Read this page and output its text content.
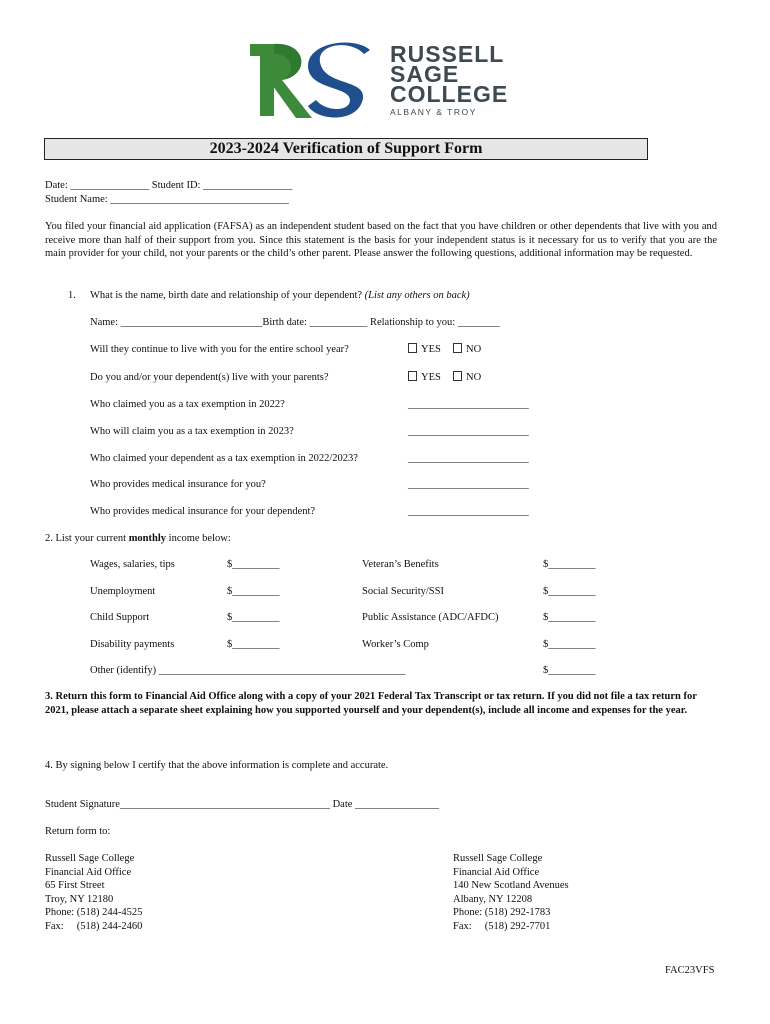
RUSSELL
SAGE
COLLEGE
ALBANY & TROY
2023-2024 Verification of Support Form
Date: _______________ Student ID: _________________
Student Name: __________________________________
You filed your financial aid application (FAFSA) as an independent student based on the fact that you have children or other dependents that live with you and receive more than half of their support from you. Since this statement is the basis for your independent status is it necessary for us to verify that you are the main provider for your child, not your parents or the child’s other parent. Please answer the following questions, additional information may be requested.
1. What is the name, birth date and relationship of your dependent? (List any others on back)
Name: ___________________________Birth date: ___________ Relationship to you: ________
Will they continue to live with you for the entire school year?	YES	NO
Do you and/or your dependent(s) live with your parents?	YES	NO
Who claimed you as a tax exemption in 2022?	_______________________
Who will claim you as a tax exemption in 2023?	_______________________
Who claimed your dependent as a tax exemption in 2022/2023?	_______________________
Who provides medical insurance for you?	_______________________
Who provides medical insurance for your dependent?	_______________________
2. List your current monthly income below:
Wages, salaries, tips	$_________	Veteran’s Benefits	$_________
Unemployment	$_________	Social Security/SSI	$_________
Child Support	$_________	Public Assistance (ADC/AFDC)	$_________
Disability payments	$_________	Worker’s Comp	$_________
Other (identify) _______________________________________________	$_________
3. Return this form to Financial Aid Office along with a copy of your 2021 Federal Tax Transcript or tax return. If you did not file a tax return for 2021, please attach a separate sheet explaining how you supported yourself and your dependent(s), include all income and expenses for the year.
4. By signing below I certify that the above information is complete and accurate.
Student Signature________________________________________ Date ________________
Return form to:
Russell Sage College
Financial Aid Office
65 First Street
Troy, NY 12180
Phone: (518) 244-4525
Fax:     (518) 244-2460
Russell Sage College
Financial Aid Office
140 New Scotland Avenues
Albany, NY 12208
Phone: (518) 292-1783
Fax:     (518) 292-7701
FAC23VFS
